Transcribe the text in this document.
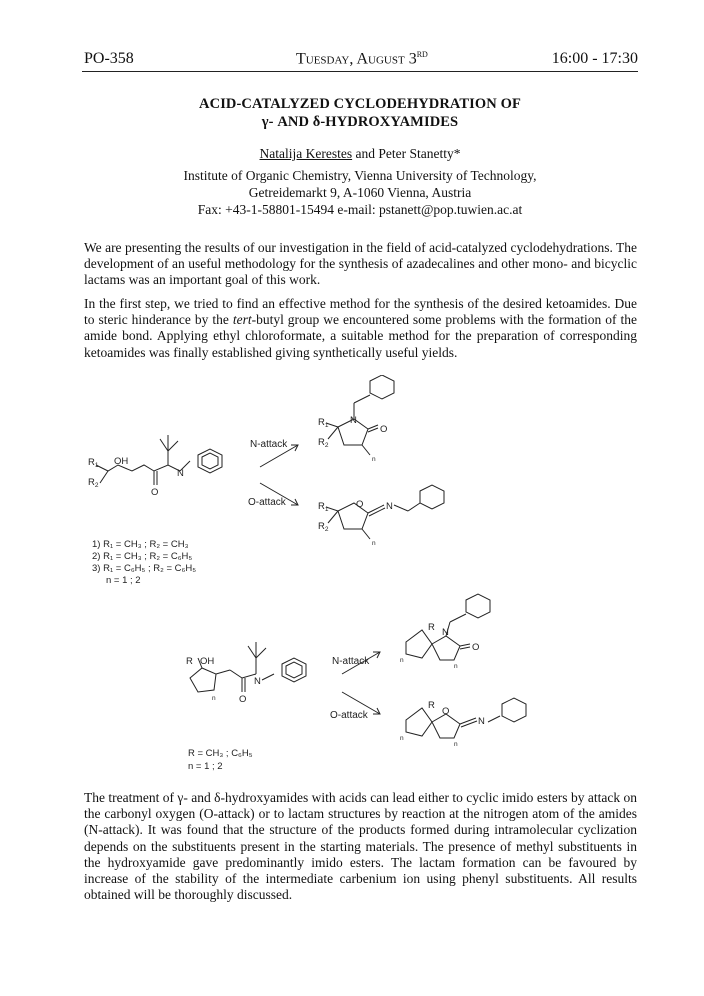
PO-358	Tuesday, August 3RD	16:00 - 17:30
ACID-CATALYZED CYCLODEHYDRATION OF
γ- AND δ-HYDROXYAMIDES
Natalija Kerestes and Peter Stanetty*
Institute of Organic Chemistry, Vienna University of Technology,
Getreidemarkt 9, A-1060 Vienna, Austria
Fax: +43-1-58801-15494 e-mail: pstanett@pop.tuwien.ac.at

We are presenting the results of our investigation in the field of acid-catalyzed cyclodehydrations. The development of an useful methodology for the synthesis of azadecalines and other mono- and bicyclic lactams was an important goal of this work.

In the first step, we tried to find an effective method for the synthesis of the desired ketoamides. Due to steric hinderance by the tert-butyl group we encountered some problems with the formation of the amide bond. Applying ethyl chloroformate, a suitable method for the preparation of corresponding ketoamides was finally established giving synthetically useful yields.

$R_1$
$R_2$
OH
N
O
N-attack
O-attack
N
O
$R_1$
$R_2$
n
O N
$R_1$
$R_2$
n
1) R₁ = CH₃ ; R₂ = CH₃
2) R₁ = CH₃ ; R₂ = C₆H₅
3) R₁ = C₆H₅ ; R₂ = C₆H₅
n = 1 ; 2
R OH
N
O
n
N-attack
O-attack
R N
O
n
n
R
O
N
n
n
R = CH₃ ; C₆H₅
n = 1 ; 2

The treatment of γ- and δ-hydroxyamides with acids can lead either to cyclic imido esters by attack on the carbonyl oxygen (O-attack) or to lactam structures by reaction at the nitrogen atom of the amides (N-attack). It was found that the structure of the products formed during intramolecular cyclization depends on the substituents present in the starting materials. The presence of methyl substituents in the hydroxyamide gave predominantly imido esters. The lactam formation can be favoured by increase of the stability of the intermediate carbenium ion using phenyl substituents. All results obtained will be thoroughly discussed.
